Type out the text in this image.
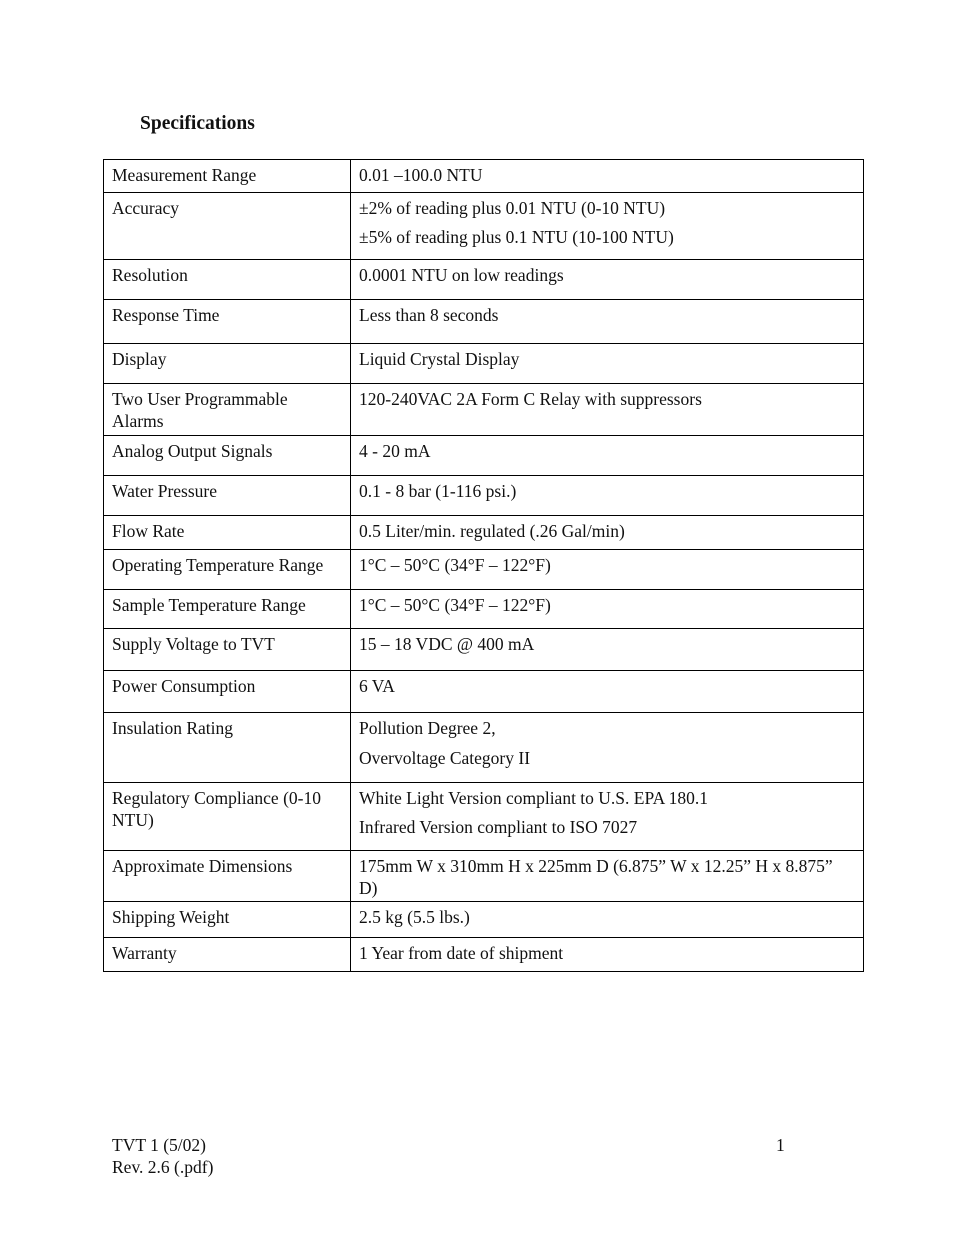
Specifications
Measurement Range	0.01 –100.0 NTU

Accuracy	±2% of reading plus 0.01 NTU (0-10 NTU)
±5% of reading plus 0.1 NTU (10-100 NTU)

Resolution	0.0001 NTU on low readings

Response Time	Less than 8 seconds

Display	Liquid Crystal Display

Two User Programmable Alarms	120-240VAC 2A Form C Relay with suppressors

Analog Output Signals	4 - 20 mA

Water Pressure	0.1 - 8 bar (1-116 psi.)

Flow Rate	0.5 Liter/min. regulated (.26 Gal/min)

Operating Temperature Range	1°C – 50°C (34°F – 122°F)

Sample Temperature Range	1°C – 50°C (34°F – 122°F)

Supply Voltage to TVT	15 – 18 VDC @ 400 mA

Power Consumption	6 VA

Insulation Rating	Pollution Degree 2,
Overvoltage Category II

Regulatory Compliance (0-10 NTU)	White Light Version compliant to U.S. EPA 180.1
Infrared Version compliant to ISO 7027

Approximate Dimensions	175mm W x 310mm H x 225mm D (6.875” W x 12.25” H x 8.875” D)

Shipping Weight	2.5 kg (5.5 lbs.)

Warranty	1 Year from date of shipment
TVT 1 (5/02)
Rev. 2.6 (.pdf)
1
